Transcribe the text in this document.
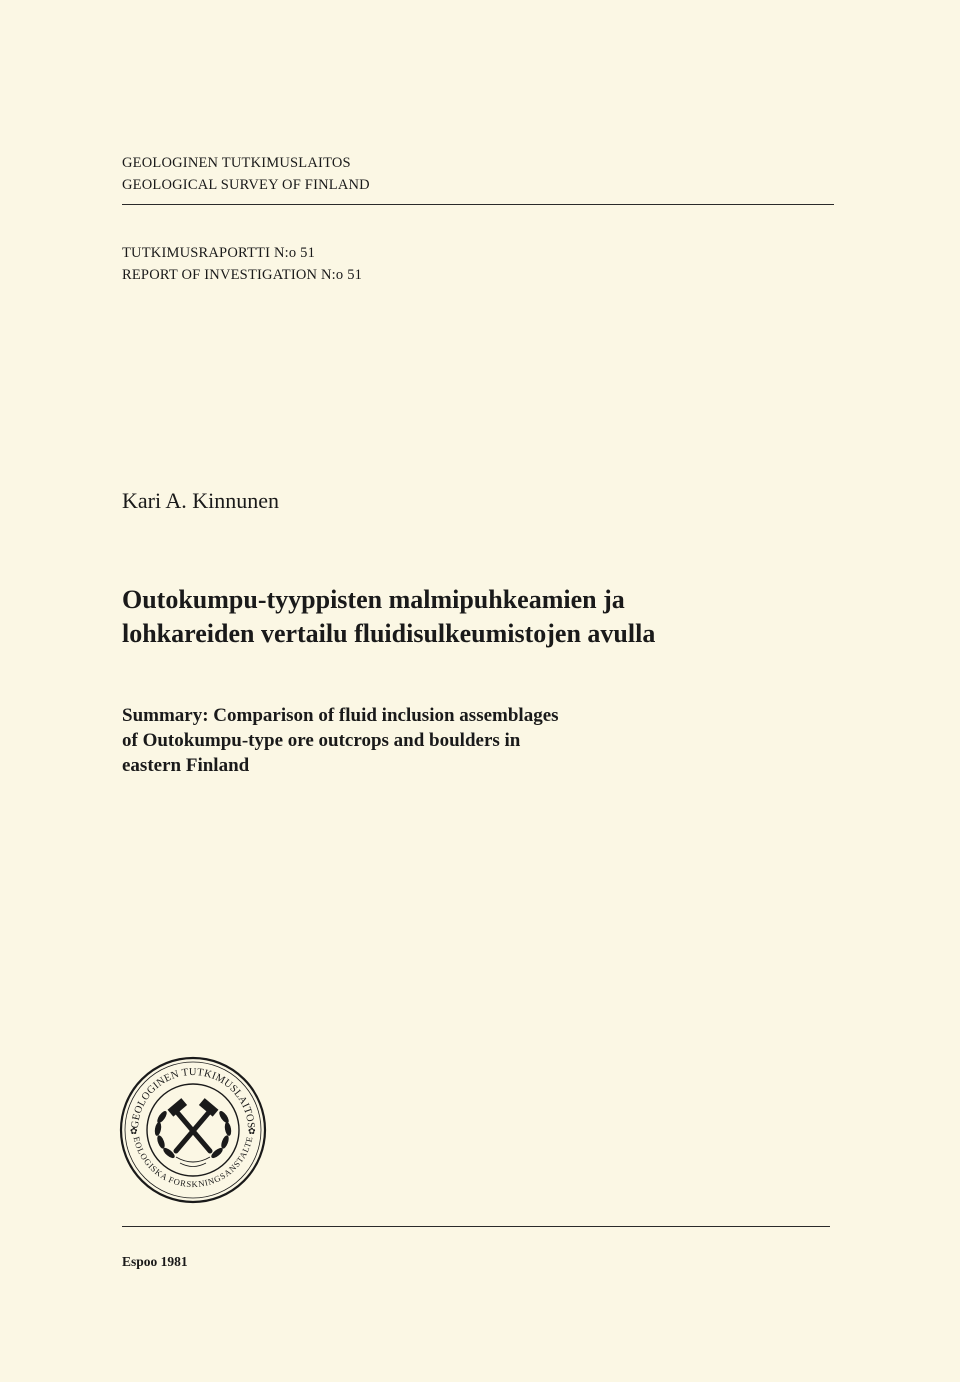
GEOLOGINEN TUTKIMUSLAITOS
GEOLOGICAL SURVEY OF FINLAND
TUTKIMUSRAPORTTI N:o 51
REPORT OF INVESTIGATION N:o 51
Kari A. Kinnunen
Outokumpu-tyyppisten malmipuhkeamien ja
lohkareiden vertailu fluidisulkeumistojen avulla
Summary: Comparison of fluid inclusion assemblages
of Outokumpu-type ore outcrops and boulders in
eastern Finland
GEOLOGINEN TUTKIMUSLAITOS
EOLOGISKA FORSKNINGSANSTALTE
✿	✿
Espoo 1981
